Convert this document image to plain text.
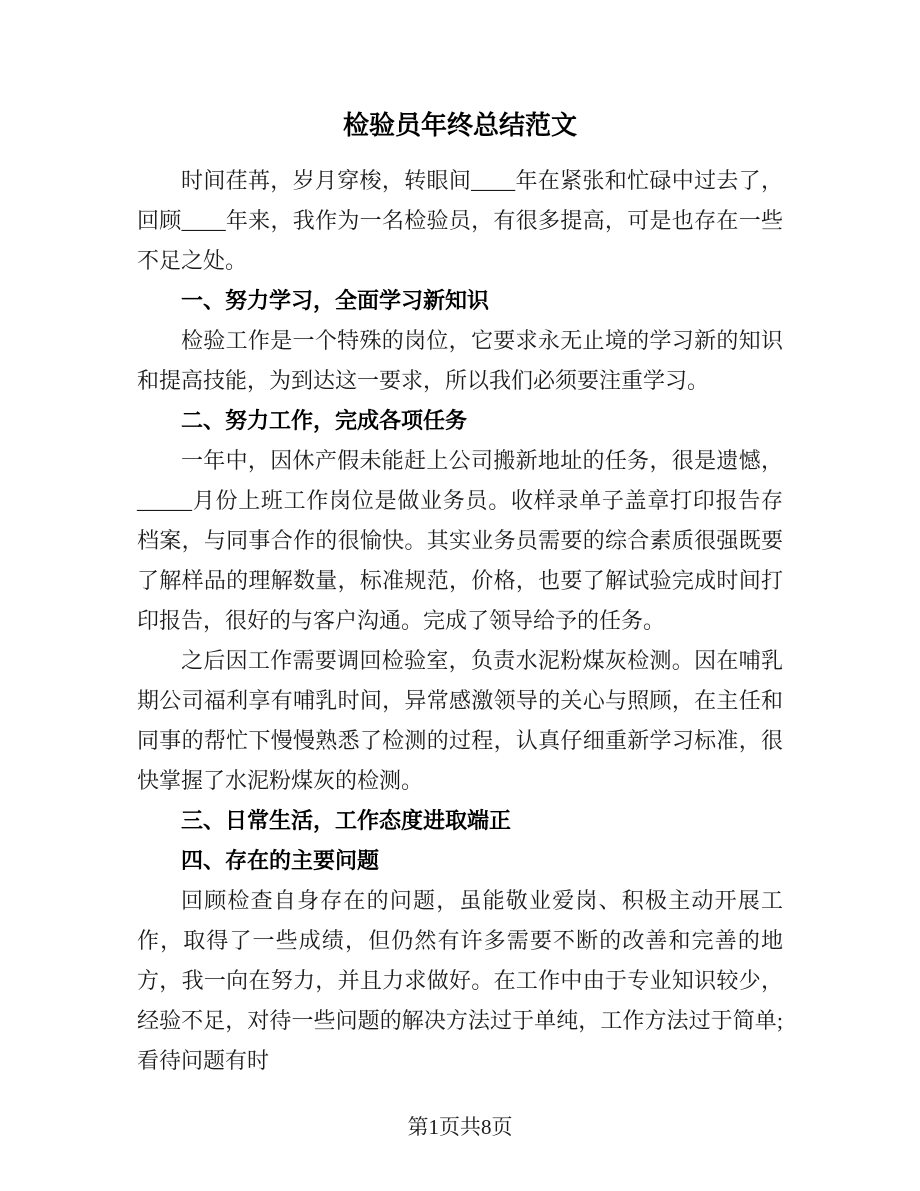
检验员年终总结范文

时间荏苒，岁月穿梭，转眼间____年在紧张和忙碌中过去了，回顾____年来，我作为一名检验员，有很多提高，可是也存在一些不足之处。

一、努力学习，全面学习新知识

检验工作是一个特殊的岗位，它要求永无止境的学习新的知识和提高技能，为到达这一要求，所以我们必须要注重学习。

二、努力工作，完成各项任务

一年中，因休产假未能赶上公司搬新地址的任务，很是遗憾，_____月份上班工作岗位是做业务员。收样录单子盖章打印报告存档案，与同事合作的很愉快。其实业务员需要的综合素质很强既要了解样品的理解数量，标准规范，价格，也要了解试验完成时间打印报告，很好的与客户沟通。完成了领导给予的任务。

之后因工作需要调回检验室，负责水泥粉煤灰检测。因在哺乳期公司福利享有哺乳时间，异常感激领导的关心与照顾，在主任和同事的帮忙下慢慢熟悉了检测的过程，认真仔细重新学习标准，很快掌握了水泥粉煤灰的检测。

三、日常生活，工作态度进取端正
四、存在的主要问题

回顾检查自身存在的问题，虽能敬业爱岗、积极主动开展工作，取得了一些成绩，但仍然有许多需要不断的改善和完善的地方，我一向在努力，并且力求做好。在工作中由于专业知识较少，经验不足，对待一些问题的解决方法过于单纯，工作方法过于简单;看待问题有时

第1页共8页
